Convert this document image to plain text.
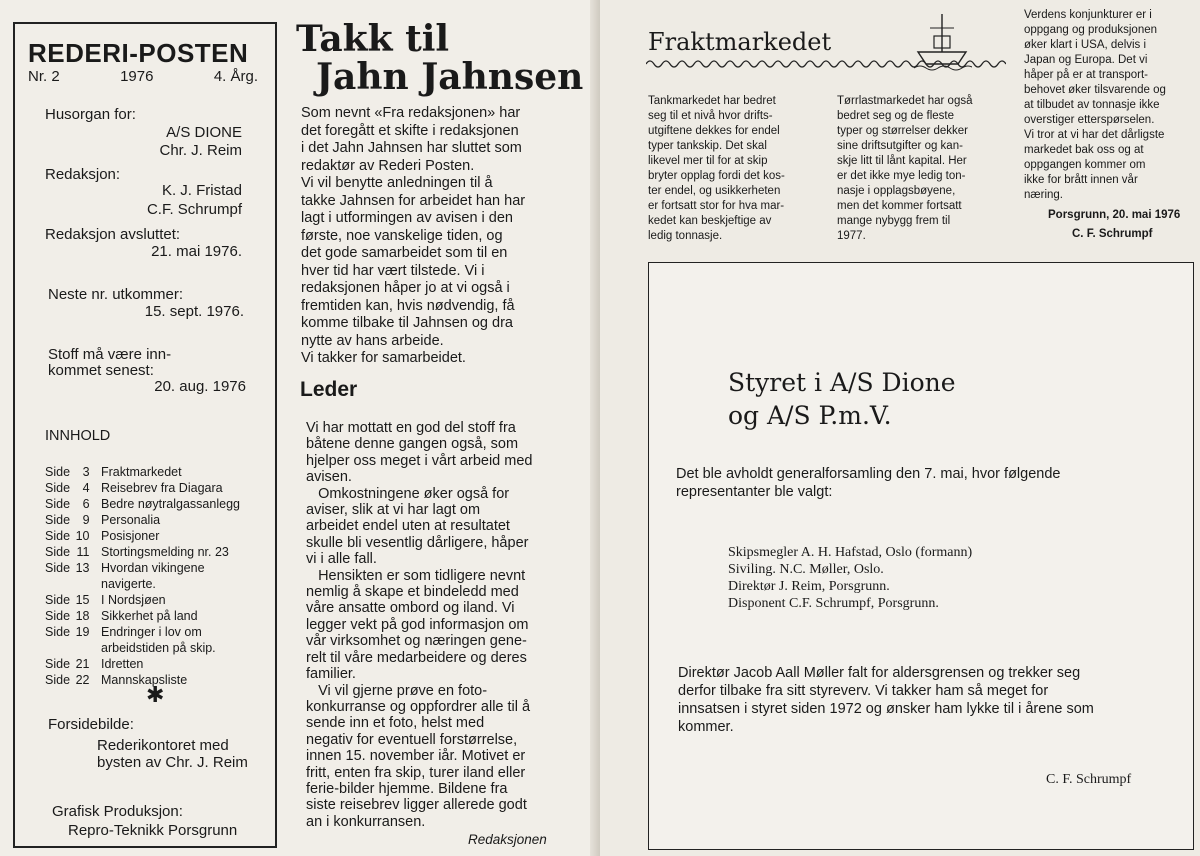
REDERI-POSTEN
Nr. 2	1976	4. Årg.
Husorgan for:
A/S DIONE
Chr. J. Reim
Redaksjon:
K. J. Fristad
C.F. Schrumpf
Redaksjon avsluttet:
21. mai 1976.
Neste nr. utkommer:
15. sept. 1976.
Stoff må være inn-
kommet senest:
20. aug. 1976
INNHOLD
Side 3 Fraktmarkedet
Side 4 Reisebrev fra Diagara
Side 6 Bedre nøytralgassanlegg
Side 9 Personalia
Side 10 Posisjoner
Side 11 Stortingsmelding nr. 23
Side 13 Hvordan vikingene
navigerte.
Side 15 I Nordsjøen
Side 18 Sikkerhet på land
Side 19 Endringer i lov om
arbeidstiden på skip.
Side 21 Idretten
Side 22 Mannskapsliste
✱
Forsidebilde:
Rederikontoret med
bysten av Chr. J. Reim
Grafisk Produksjon:
Repro-Teknikk Porsgrunn
Takk til
Jahn Jahnsen
Som nevnt «Fra redaksjonen» har
det foregått et skifte i redaksjonen
i det Jahn Jahnsen har sluttet som
redaktør av Rederi Posten.
Vi vil benytte anledningen til å
takke Jahnsen for arbeidet han har
lagt i utformingen av avisen i den
første, noe vanskelige tiden, og
det gode samarbeidet som til en
hver tid har vært tilstede. Vi i
redaksjonen håper jo at vi også i
fremtiden kan, hvis nødvendig, få
komme tilbake til Jahnsen og dra
nytte av hans arbeide.
Vi takker for samarbeidet.
Leder
Vi har mottatt en god del stoff fra
båtene denne gangen også, som
hjelper oss meget i vårt arbeid med
avisen.
Omkostningene øker også for
aviser, slik at vi har lagt om
arbeidet endel uten at resultatet
skulle bli vesentlig dårligere, håper
vi i alle fall.
Hensikten er som tidligere nevnt
nemlig å skape et bindeledd med
våre ansatte ombord og iland. Vi
legger vekt på god informasjon om
vår virksomhet og næringen gene-
relt til våre medarbeidere og deres
familier.
Vi vil gjerne prøve en foto-
konkurranse og oppfordrer alle til å
sende inn et foto, helst med
negativ for eventuell forstørrelse,
innen 15. november iår. Motivet er
fritt, enten fra skip, turer iland eller
ferie-bilder hjemme. Bildene fra
siste reisebrev ligger allerede godt
an i konkurransen.
Redaksjonen
Fraktmarkedet
Tankmarkedet har bedret
seg til et nivå hvor drifts-
utgiftene dekkes for endel
typer tankskip. Det skal
likevel mer til for at skip
bryter opplag fordi det kos-
ter endel, og usikkerheten
er fortsatt stor for hva mar-
kedet kan beskjeftige av
ledig tonnasje.
Tørrlastmarkedet har også
bedret seg og de fleste
typer og størrelser dekker
sine driftsutgifter og kan-
skje litt til lånt kapital. Her
er det ikke mye ledig ton-
nasje i opplagsbøyene,
men det kommer fortsatt
mange nybygg frem til
1977.
Verdens konjunkturer er i
oppgang og produksjonen
øker klart i USA, delvis i
Japan og Europa. Det vi
håper på er at transport-
behovet øker tilsvarende og
at tilbudet av tonnasje ikke
overstiger etterspørselen.
Vi tror at vi har det dårligste
markedet bak oss og at
oppgangen kommer om
ikke for brått innen vår
næring.
Porsgrunn, 20. mai 1976
C. F. Schrumpf
Styret i A/S Dione
og A/S P.m.V.
Det ble avholdt generalforsamling den 7. mai, hvor følgende
representanter ble valgt:
Skipsmegler A. H. Hafstad, Oslo (formann)
Siviling. N.C. Møller, Oslo.
Direktør J. Reim, Porsgrunn.
Disponent C.F. Schrumpf, Porsgrunn.
Direktør Jacob Aall Møller falt for aldersgrensen og trekker seg
derfor tilbake fra sitt styreverv. Vi takker ham så meget for
innsatsen i styret siden 1972 og ønsker ham lykke til i årene som
kommer.
C. F. Schrumpf
